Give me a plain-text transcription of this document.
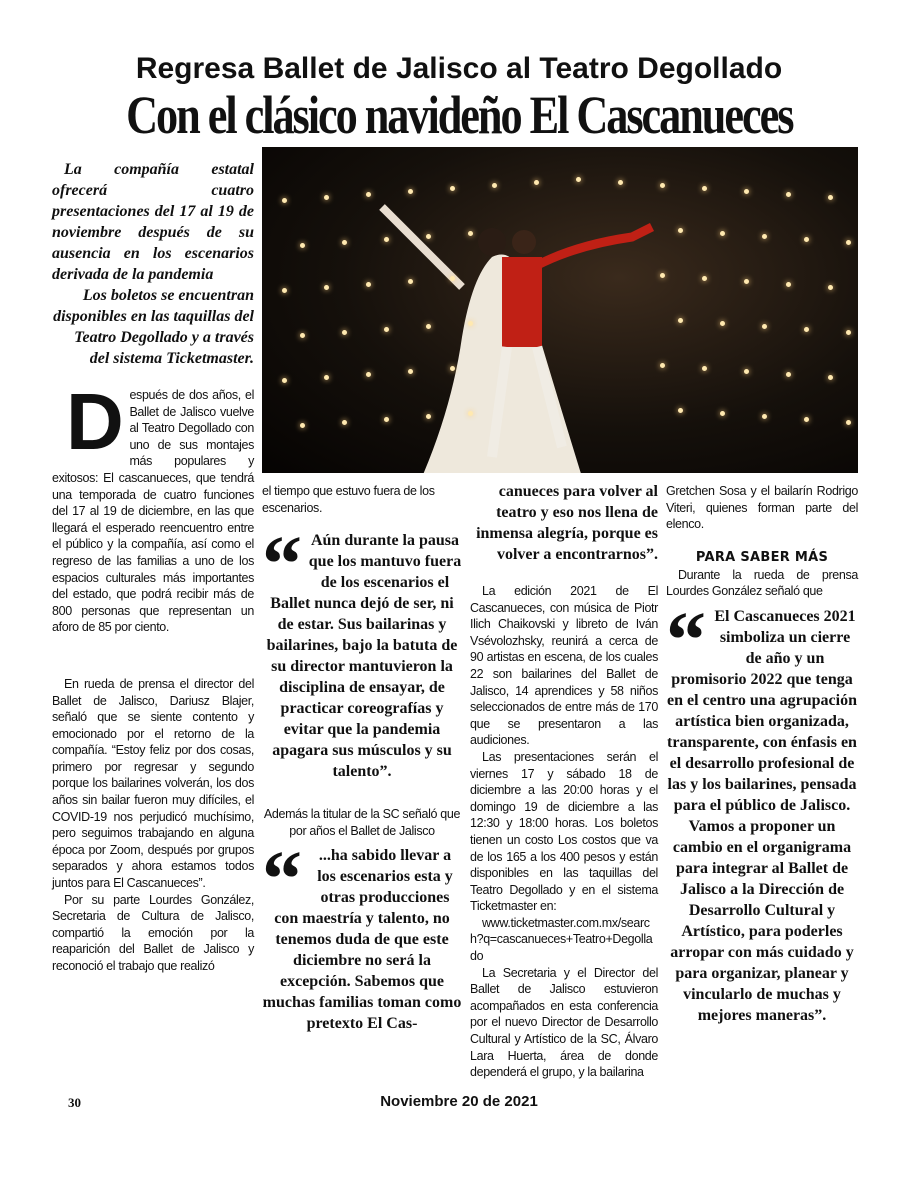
Regresa Ballet de Jalisco al Teatro Degollado
Con el clásico navideño El Cascanueces

La compañía estatal ofrecerá cuatro presentaciones del 17 al 19 de noviembre después de su ausencia en los escenarios derivada de la pandemia

Los boletos se encuentran disponibles en las taquillas del Teatro Degollado y a través del sistema Ticketmaster.

D espués de dos años, el Ballet de Jalisco vuelve al Teatro Degollado con uno de sus montajes más populares y exitosos: El cascanueces, que tendrá una temporada de cuatro funciones del 17 al 19 de diciembre, en las que llegará el esperado reencuentro entre el público y la compañía, así como el regreso de las familias a uno de los espacios culturales más importantes del estado, que podrá recibir más de 800 personas que representan un aforo de 85 por ciento.

En rueda de prensa el director del Ballet de Jalisco, Dariusz Blajer, señaló que se siente contento y emocionado por el retorno de la compañía. “Estoy feliz por dos cosas, primero por regresar y segundo porque los bailarines volverán, los dos años sin bailar fueron muy difíciles, el COVID-19 nos perjudicó muchísimo, pero seguimos trabajando en alguna época por Zoom, después por grupos separados y ahora estamos todos juntos para El Cascanueces”.

Por su parte Lourdes González, Secretaria de Cultura de Jalisco, compartió la emoción por la reaparición del Ballet de Jalisco y reconoció el trabajo que realizó

el tiempo que estuvo fuera de los escenarios.

“ Aún durante la pausa que los mantuvo fuera de los escenarios el Ballet nunca dejó de ser, ni de estar. Sus bailarinas y bailarines, bajo la batuta de su director mantuvieron la disciplina de ensayar, de practicar coreografías y evitar que la pandemia apagara sus músculos y su talento”.

Además la titular de la SC señaló que por años el Ballet de Jalisco

“	...ha sabido llevar a los escenarios esta y otras producciones con maestría y talento, no tenemos duda de que este diciembre no será la excepción. Sabemos que muchas familias toman como pretexto El Cas-
canueces para volver al teatro y eso nos llena de inmensa alegría, porque es volver a encontrarnos”.

La edición 2021 de El Cascanueces, con música de Piotr Ilich Chaikovski y libreto de Iván Vsévolozhsky, reunirá a cerca de 90 artistas en escena, de los cuales 22 son bailarines del Ballet de Jalisco, 14 aprendices y 58 niños seleccionados de entre más de 170 que se presentaron a las audiciones.

Las presentaciones serán el viernes 17 y sábado 18 de diciembre a las 20:00 horas y el domingo 19 de diciembre a las 12:30 y 18:00 horas. Los boletos tienen un costo Los costos que va de los 165 a los 400 pesos y están disponibles en las taquillas del Teatro Degollado y en el sistema Ticketmaster en:

www.ticketmaster.com.mx/search?q=cascanueces+Teatro+Degollado

La Secretaria y el Director del Ballet de Jalisco estuvieron acompañados en esta conferencia por el nuevo Director de Desarrollo Cultural y Artístico de la SC, Álvaro Lara Huerta, área de donde dependerá el grupo, y la bailarina

Gretchen Sosa y el bailarín Rodrigo Viteri, quienes forman parte del elenco.

PARA SABER MÁS

Durante la rueda de prensa Lourdes González señaló que

“ El Cascanueces 2021 simboliza un cierre de año y un promisorio 2022 que tenga en el centro una agrupación artística bien organizada, transparente, con énfasis en el desarrollo profesional de las y los bailarines, pensada para el público de Jalisco. Vamos a proponer un cambio en el organigrama para integrar al Ballet de Jalisco a la Dirección de Desarrollo Cultural y Artístico, para poderles arropar con más cuidado y para organizar, planear y vincularlo de muchas y mejores maneras”.
30	Noviembre 20 de 2021
